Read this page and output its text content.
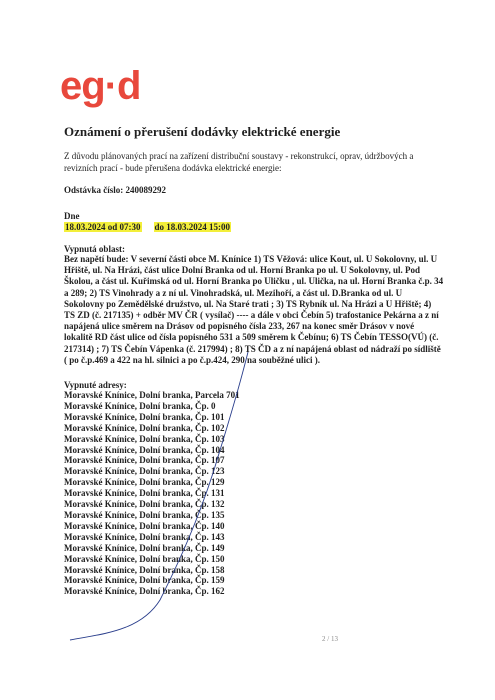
eg·d
Oznámení o přerušení dodávky elektrické energie
Z důvodu plánovaných prací na zařízení distribuční soustavy - rekonstrukcí, oprav, údržbových a revizních prací - bude přerušena dodávka elektrické energie:
Odstávka číslo: 240089292
Dne
18.03.2024 od 07:30 do 18.03.2024 15:00
Vypnutá oblast:
Bez napětí bude: V severní části obce M. Knínice 1) TS Věžová: ulice Kout, ul. U Sokolovny, ul. U Hřiště, ul. Na Hrázi, část ulice Dolní Branka od ul. Horní Branka po ul. U Sokolovny, ul. Pod Školou, a část ul. Kuřimská od ul. Horní Branka po Uličku , ul. Ulička, na ul. Horní Branka č.p. 34 a 289; 2) TS Vinohrady a z ní ul. Vinohradská, ul. Mezihoří, a část ul. D.Branka od ul. U Sokolovny po Zemědělské družstvo, ul. Na Staré trati ; 3) TS Rybník ul. Na Hrázi a U Hřiště; 4) TS ZD (č. 217135) + odběr MV ČR ( vysílač) ---- a dále v obci Čebín 5) trafostanice Pekárna a z ní napájená ulice směrem na Drásov od popisného čísla 233, 267 na konec směr Drásov v nové lokalitě RD část ulice od čísla popisného 531 a 509 směrem k Čebínu; 6) TS Čebín TESSO(VÚ) (č. 217314) ; 7) TS Čebín Vápenka (č. 217994) ; 8) TS ČD a z ní napájená oblast od nádraží po sídliště ( po č.p.469 a 422 na hl. silnici a po č.p.424, 290 na souběžné ulici ).
Vypnuté adresy:
Moravské Knínice, Dolní branka, Parcela 701
Moravské Knínice, Dolní branka, Čp. 0
Moravské Knínice, Dolní branka, Čp. 101
Moravské Knínice, Dolní branka, Čp. 102
Moravské Knínice, Dolní branka, Čp. 103
Moravské Knínice, Dolní branka, Čp. 104
Moravské Knínice, Dolní branka, Čp. 107
Moravské Knínice, Dolní branka, Čp. 123
Moravské Knínice, Dolní branka, Čp. 129
Moravské Knínice, Dolní branka, Čp. 131
Moravské Knínice, Dolní branka, Čp. 132
Moravské Knínice, Dolní branka, Čp. 135
Moravské Knínice, Dolní branka, Čp. 140
Moravské Knínice, Dolní branka, Čp. 143
Moravské Knínice, Dolní branka, Čp. 149
Moravské Knínice, Dolní branka, Čp. 150
Moravské Knínice, Dolní branka, Čp. 158
Moravské Knínice, Dolní branka, Čp. 159
Moravské Knínice, Dolní branka, Čp. 162
2 / 13
